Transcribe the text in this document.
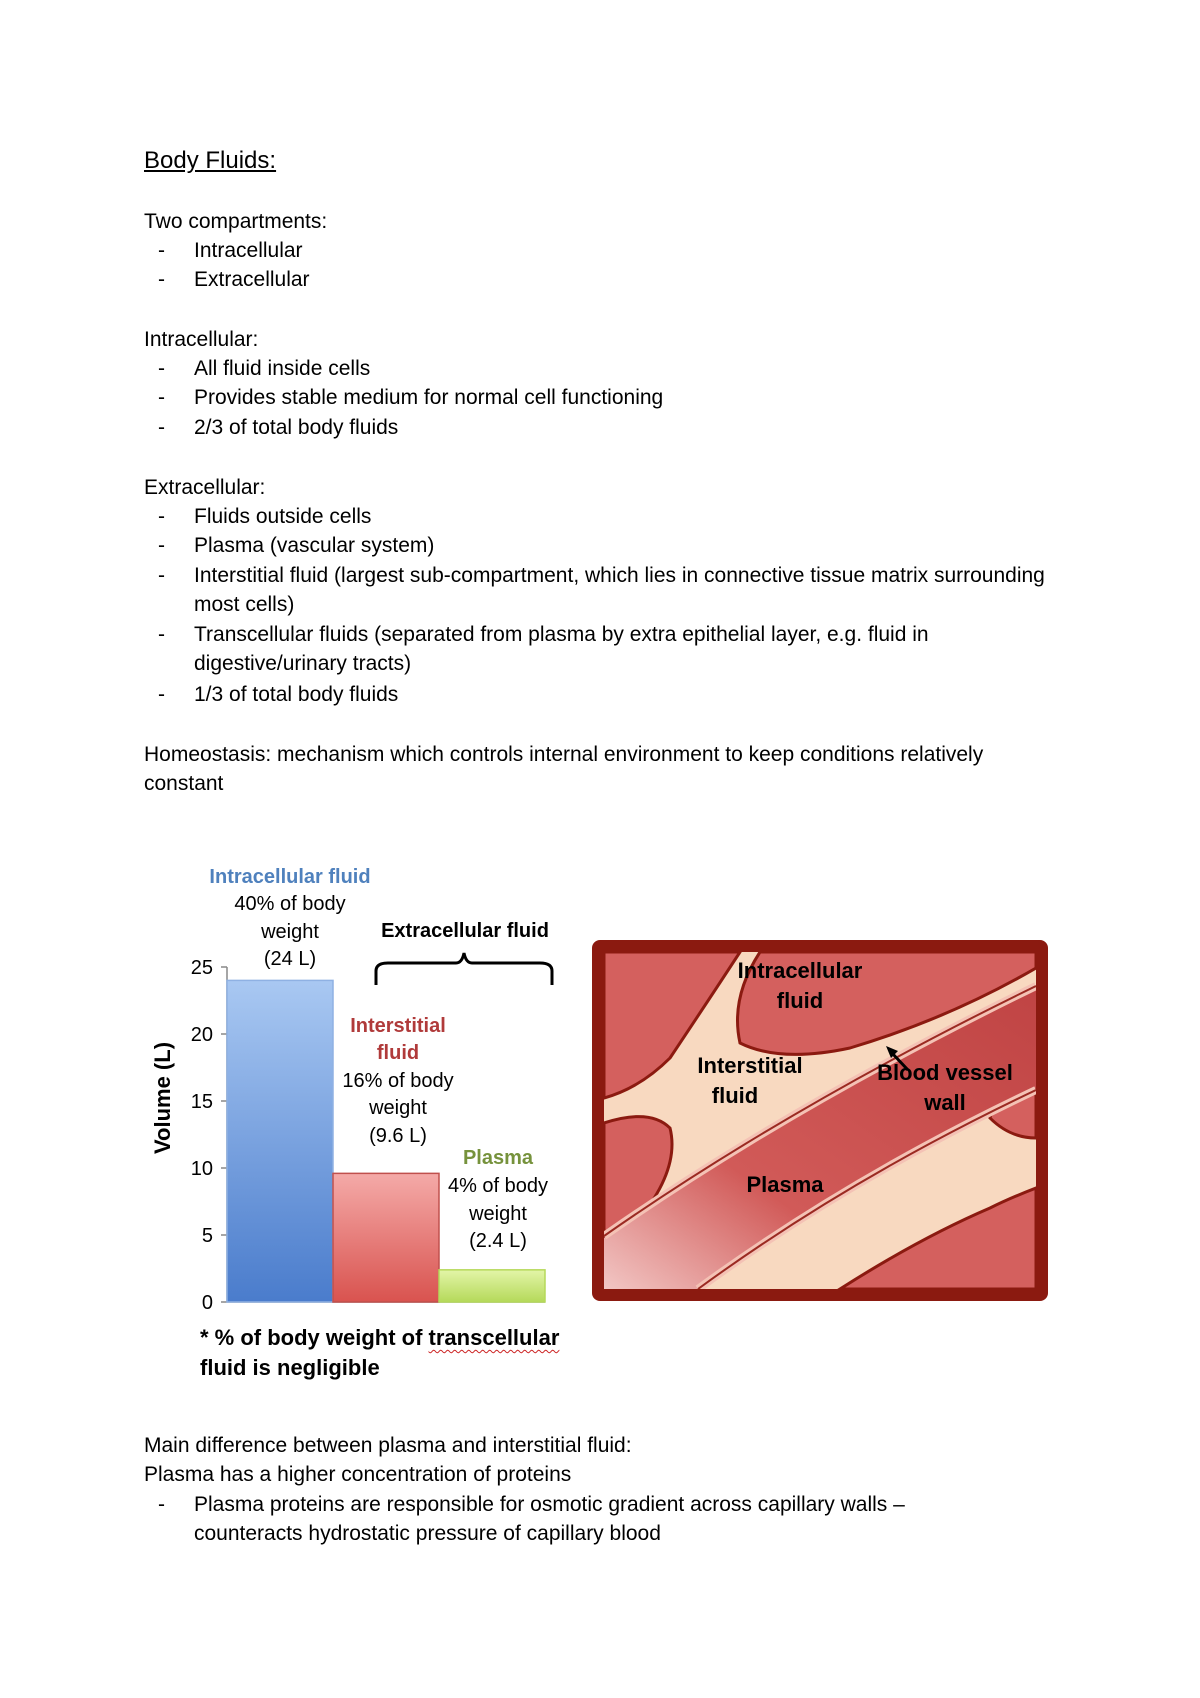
Body Fluids:
Two compartments:
- Intracellular
- Extracellular
Intracellular:
- All fluid inside cells
- Provides stable medium for normal cell functioning
- 2/3 of total body fluids
Extracellular:
- Fluids outside cells
- Plasma (vascular system)
- Interstitial fluid (largest sub-compartment, which lies in connective tissue matrix surrounding most cells)
- Transcellular fluids (separated from plasma by extra epithelial layer, e.g. fluid in digestive/urinary tracts)
- 1/3 of total body fluids
Homeostasis: mechanism which controls internal environment to keep conditions relatively
constant
0
5
10
15
20
25
Intracellular fluid
40% of body
weight
(24 L)
Extracellular fluid
Interstitial
fluid
16% of body
weight
(9.6 L)
Plasma
4% of body
weight
(2.4 L)
Volume (L)
Intracellular
fluid
Interstitial
fluid
Blood vessel
wall
Plasma
* % of body weight of transcellular
fluid is negligible
Main difference between plasma and interstitial fluid:
Plasma has a higher concentration of proteins
- Plasma proteins are responsible for osmotic gradient across capillary walls – counteracts hydrostatic pressure of capillary blood
